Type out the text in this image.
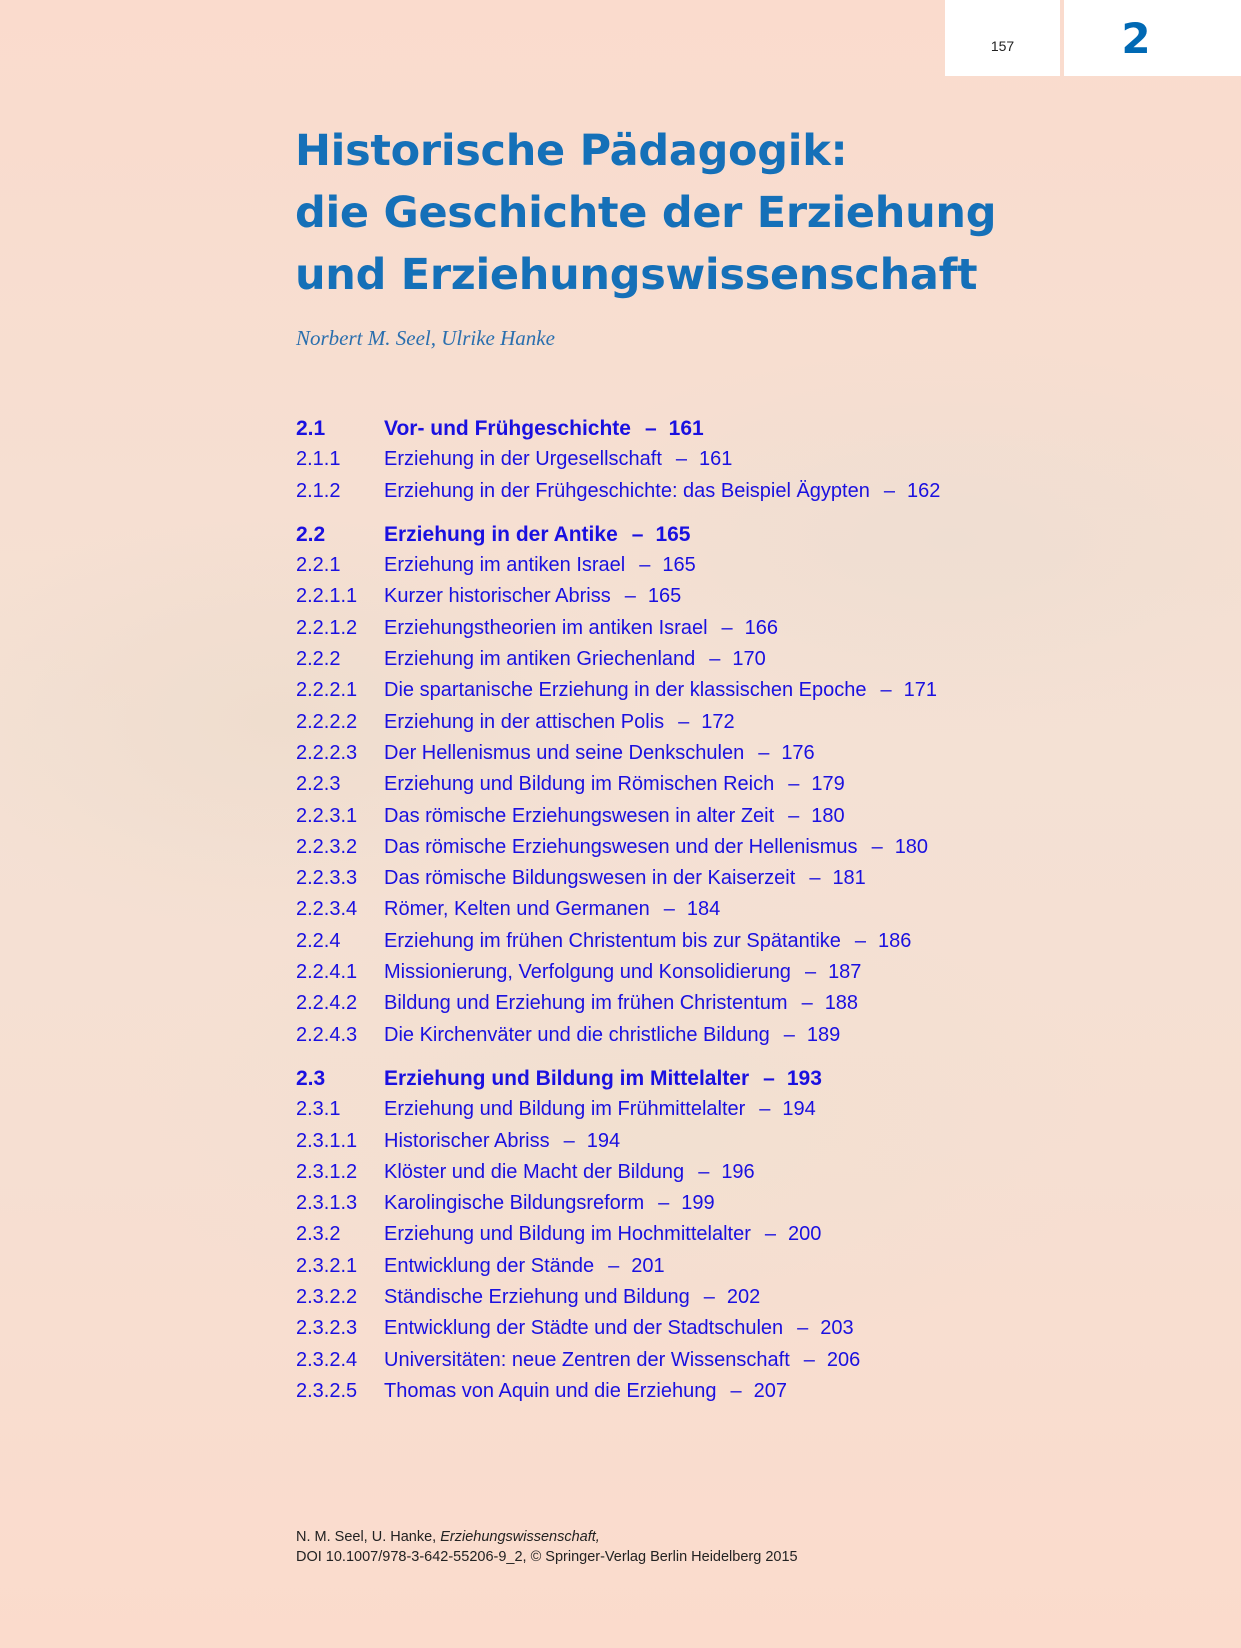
157	2
Historische Pädagogik:
die Geschichte der Erziehung
und Erziehungswissenschaft
Norbert M. Seel, Ulrike Hanke
2.1	Vor- und Frühgeschichte – 161
2.1.1	Erziehung in der Urgesellschaft – 161
2.1.2	Erziehung in der Frühgeschichte: das Beispiel Ägypten – 162
2.2	Erziehung in der Antike – 165
2.2.1	Erziehung im antiken Israel – 165
2.2.1.1	Kurzer historischer Abriss – 165
2.2.1.2	Erziehungstheorien im antiken Israel – 166
2.2.2	Erziehung im antiken Griechenland – 170
2.2.2.1	Die spartanische Erziehung in der klassischen Epoche – 171
2.2.2.2	Erziehung in der attischen Polis – 172
2.2.2.3	Der Hellenismus und seine Denkschulen – 176
2.2.3	Erziehung und Bildung im Römischen Reich – 179
2.2.3.1	Das römische Erziehungswesen in alter Zeit – 180
2.2.3.2	Das römische Erziehungswesen und der Hellenismus – 180
2.2.3.3	Das römische Bildungswesen in der Kaiserzeit – 181
2.2.3.4	Römer, Kelten und Germanen – 184
2.2.4	Erziehung im frühen Christentum bis zur Spätantike – 186
2.2.4.1	Missionierung, Verfolgung und Konsolidierung – 187
2.2.4.2	Bildung und Erziehung im frühen Christentum – 188
2.2.4.3	Die Kirchenväter und die christliche Bildung – 189
2.3	Erziehung und Bildung im Mittelalter – 193
2.3.1	Erziehung und Bildung im Frühmittelalter – 194
2.3.1.1	Historischer Abriss – 194
2.3.1.2	Klöster und die Macht der Bildung – 196
2.3.1.3	Karolingische Bildungsreform – 199
2.3.2	Erziehung und Bildung im Hochmittelalter – 200
2.3.2.1	Entwicklung der Stände – 201
2.3.2.2	Ständische Erziehung und Bildung – 202
2.3.2.3	Entwicklung der Städte und der Stadtschulen – 203
2.3.2.4	Universitäten: neue Zentren der Wissenschaft – 206
2.3.2.5	Thomas von Aquin und die Erziehung – 207
N. M. Seel, U. Hanke, Erziehungswissenschaft,
DOI 10.1007/978-3-642-55206-9_2, © Springer-Verlag Berlin Heidelberg 2015
